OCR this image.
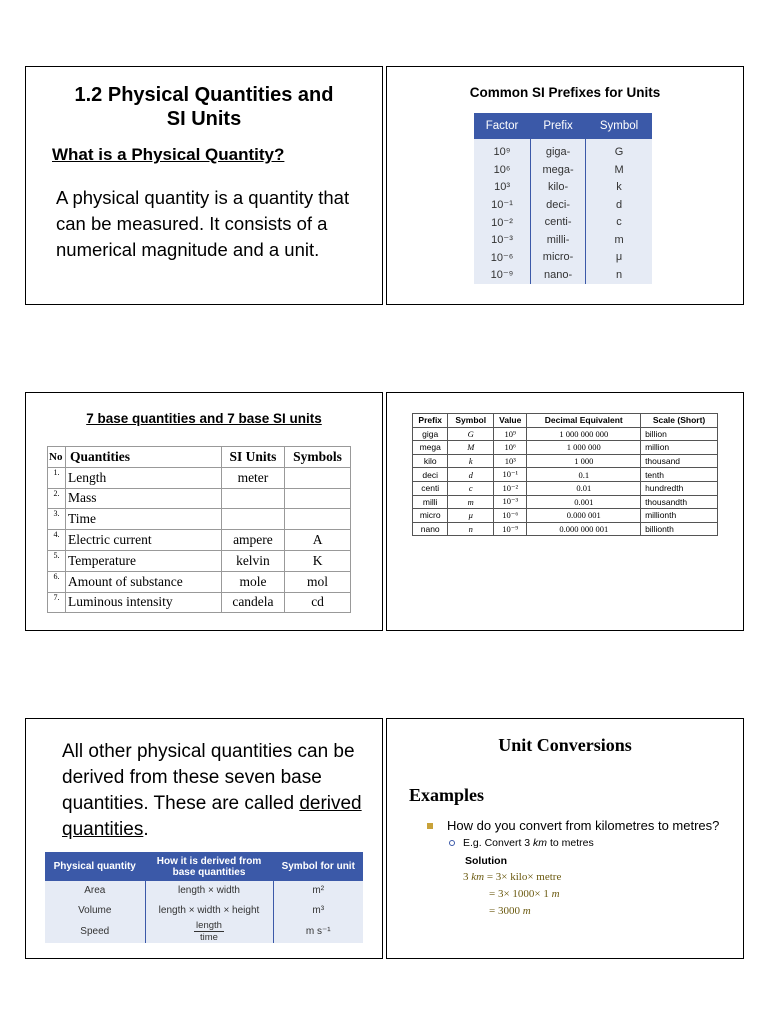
1.2 Physical Quantities and
SI Units
What is a Physical Quantity?
A physical quantity is a quantity that can be measured. It consists of a numerical magnitude and a unit.
Common SI Prefixes for Units
Factor	Prefix	Symbol
10⁹	giga-	G
10⁶	mega-	M
10³	kilo-	k
10⁻¹	deci-	d
10⁻²	centi-	c
10⁻³	milli-	m
10⁻⁶	micro-	μ
10⁻⁹	nano-	n
7 base quantities and 7 base SI units
No	Quantities	SI Units	Symbols
1.	Length	meter	
2.	Mass		
3.	Time		
4.	Electric current	ampere	A
5.	Temperature	kelvin	K
6.	Amount of substance	mole	mol
7.	Luminous intensity	candela	cd
Prefix	Symbol	Value	Decimal Equivalent	Scale (Short)
giga	G	10⁹	1 000 000 000	billion
mega	M	10⁶	1 000 000	million
kilo	k	10³	1 000	thousand
deci	d	10⁻¹	0.1	tenth
centi	c	10⁻²	0.01	hundredth
milli	m	10⁻³	0.001	thousandth
micro	μ	10⁻⁶	0.000 001	millionth
nano	n	10⁻⁹	0.000 000 001	billionth
All other physical quantities can be derived from these seven base quantities. These are called derived quantities.
Physical quantity	How it is derived from base quantities	Symbol for unit
Area	length × width	m²
Volume	length × width × height	m³
Speed	$\frac{\text{length}}{\text{time}}$	m s⁻¹
Unit Conversions
Examples
How do you convert from kilometres to metres?
E.g. Convert 3
km
to metres
Solution
3 km = 3× kilo× metre
= 3× 1000× 1 m
= 3000 m
